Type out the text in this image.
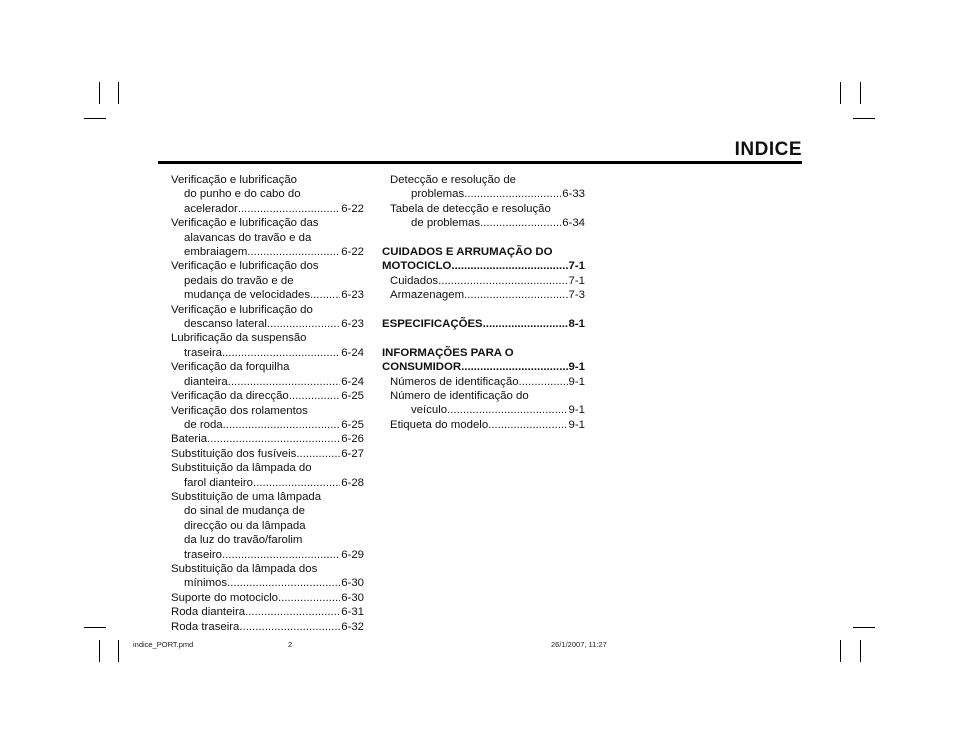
INDICE
Verificação e lubrificação
do punho e do cabo do
acelerador .....	6-22
Verificação e lubrificação das
alavancas do travão e da
embraiagem .....	6-22
Verificação e lubrificação dos
pedais do travão e de
mudança de velocidades .....	6-23
Verificação e lubrificação do
descanso lateral .....	6-23
Lubrificação da suspensão
traseira .....	6-24
Verificação da forquilha
dianteira .....	6-24
Verificação da direcção .....	6-25
Verificação dos rolamentos
de roda .....	6-25
Bateria .....	6-26
Substituição dos fusíveis .....	6-27
Substituição da lâmpada do
farol dianteiro .....	6-28
Substituição de uma lâmpada
do sinal de mudança de
direcção ou da lâmpada
da luz do travão/farolim
traseiro .....	6-29
Substituição da lâmpada dos
mínimos .....	6-30
Suporte do motociclo .....	6-30
Roda dianteira .....	6-31
Roda traseira .....	6-32
Detecção e resolução de
problemas .....	6-33
Tabela de detecção e resolução
de problemas .....	6-34
CUIDADOS E ARRUMAÇÃO DO
MOTOCICLO .....	7-1
Cuidados .....	7-1
Armazenagem .....	7-3
ESPECIFICAÇÕES .....	8-1
INFORMAÇÕES PARA O
CONSUMIDOR .....	9-1
Números de identificação .....	9-1
Número de identificação do
veículo .....	9-1
Etiqueta do modelo .....	9-1
indice_PORT.pmd	2	26/1/2007, 11:27
